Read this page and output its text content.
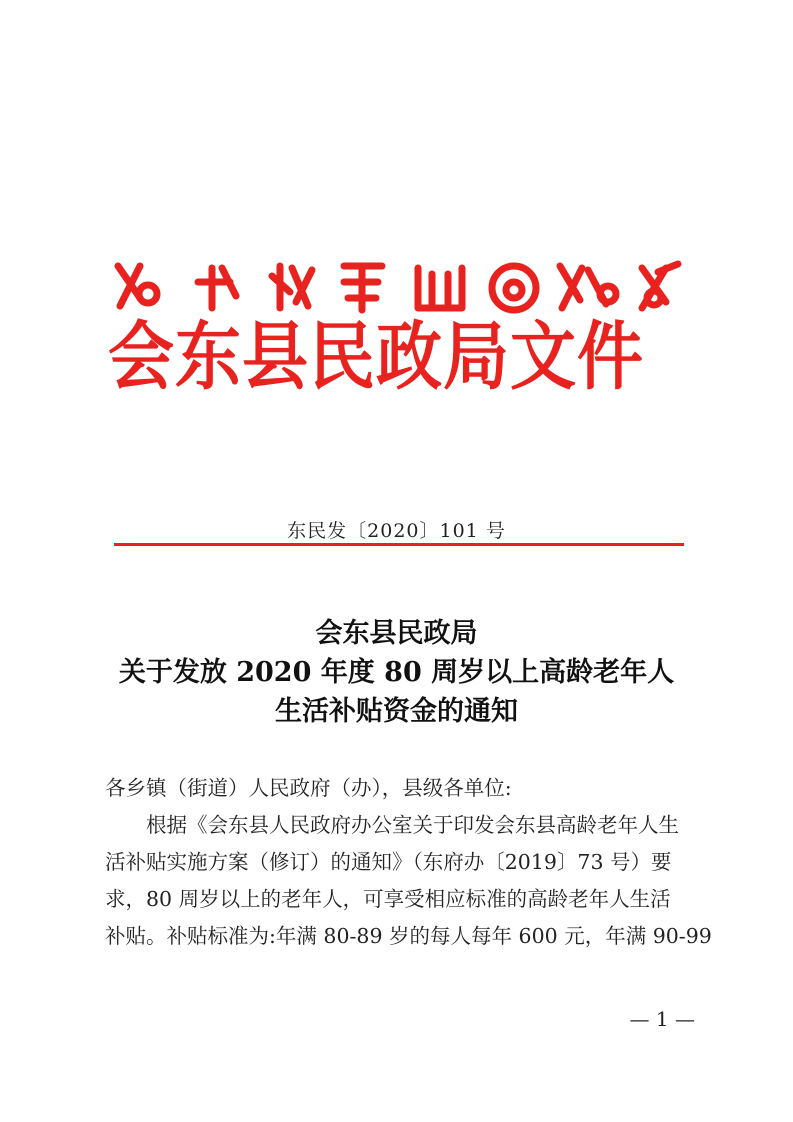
会东县民政局文件
东民发〔2020〕101 号
会东县民政局
关于发放 2020 年度 80 周岁以上高龄老年人
生活补贴资金的通知

各乡镇（街道）人民政府（办），县级各单位:

根据《会东县人民政府办公室关于印发会东县高龄老年人生

活补贴实施方案（修订）的通知》（东府办〔2019〕73 号）要

求，80 周岁以上的老年人，可享受相应标准的高龄老年人生活

补贴。补贴标准为:年满 80-89 岁的每人每年 600 元，年满 90-99

— 1 —
